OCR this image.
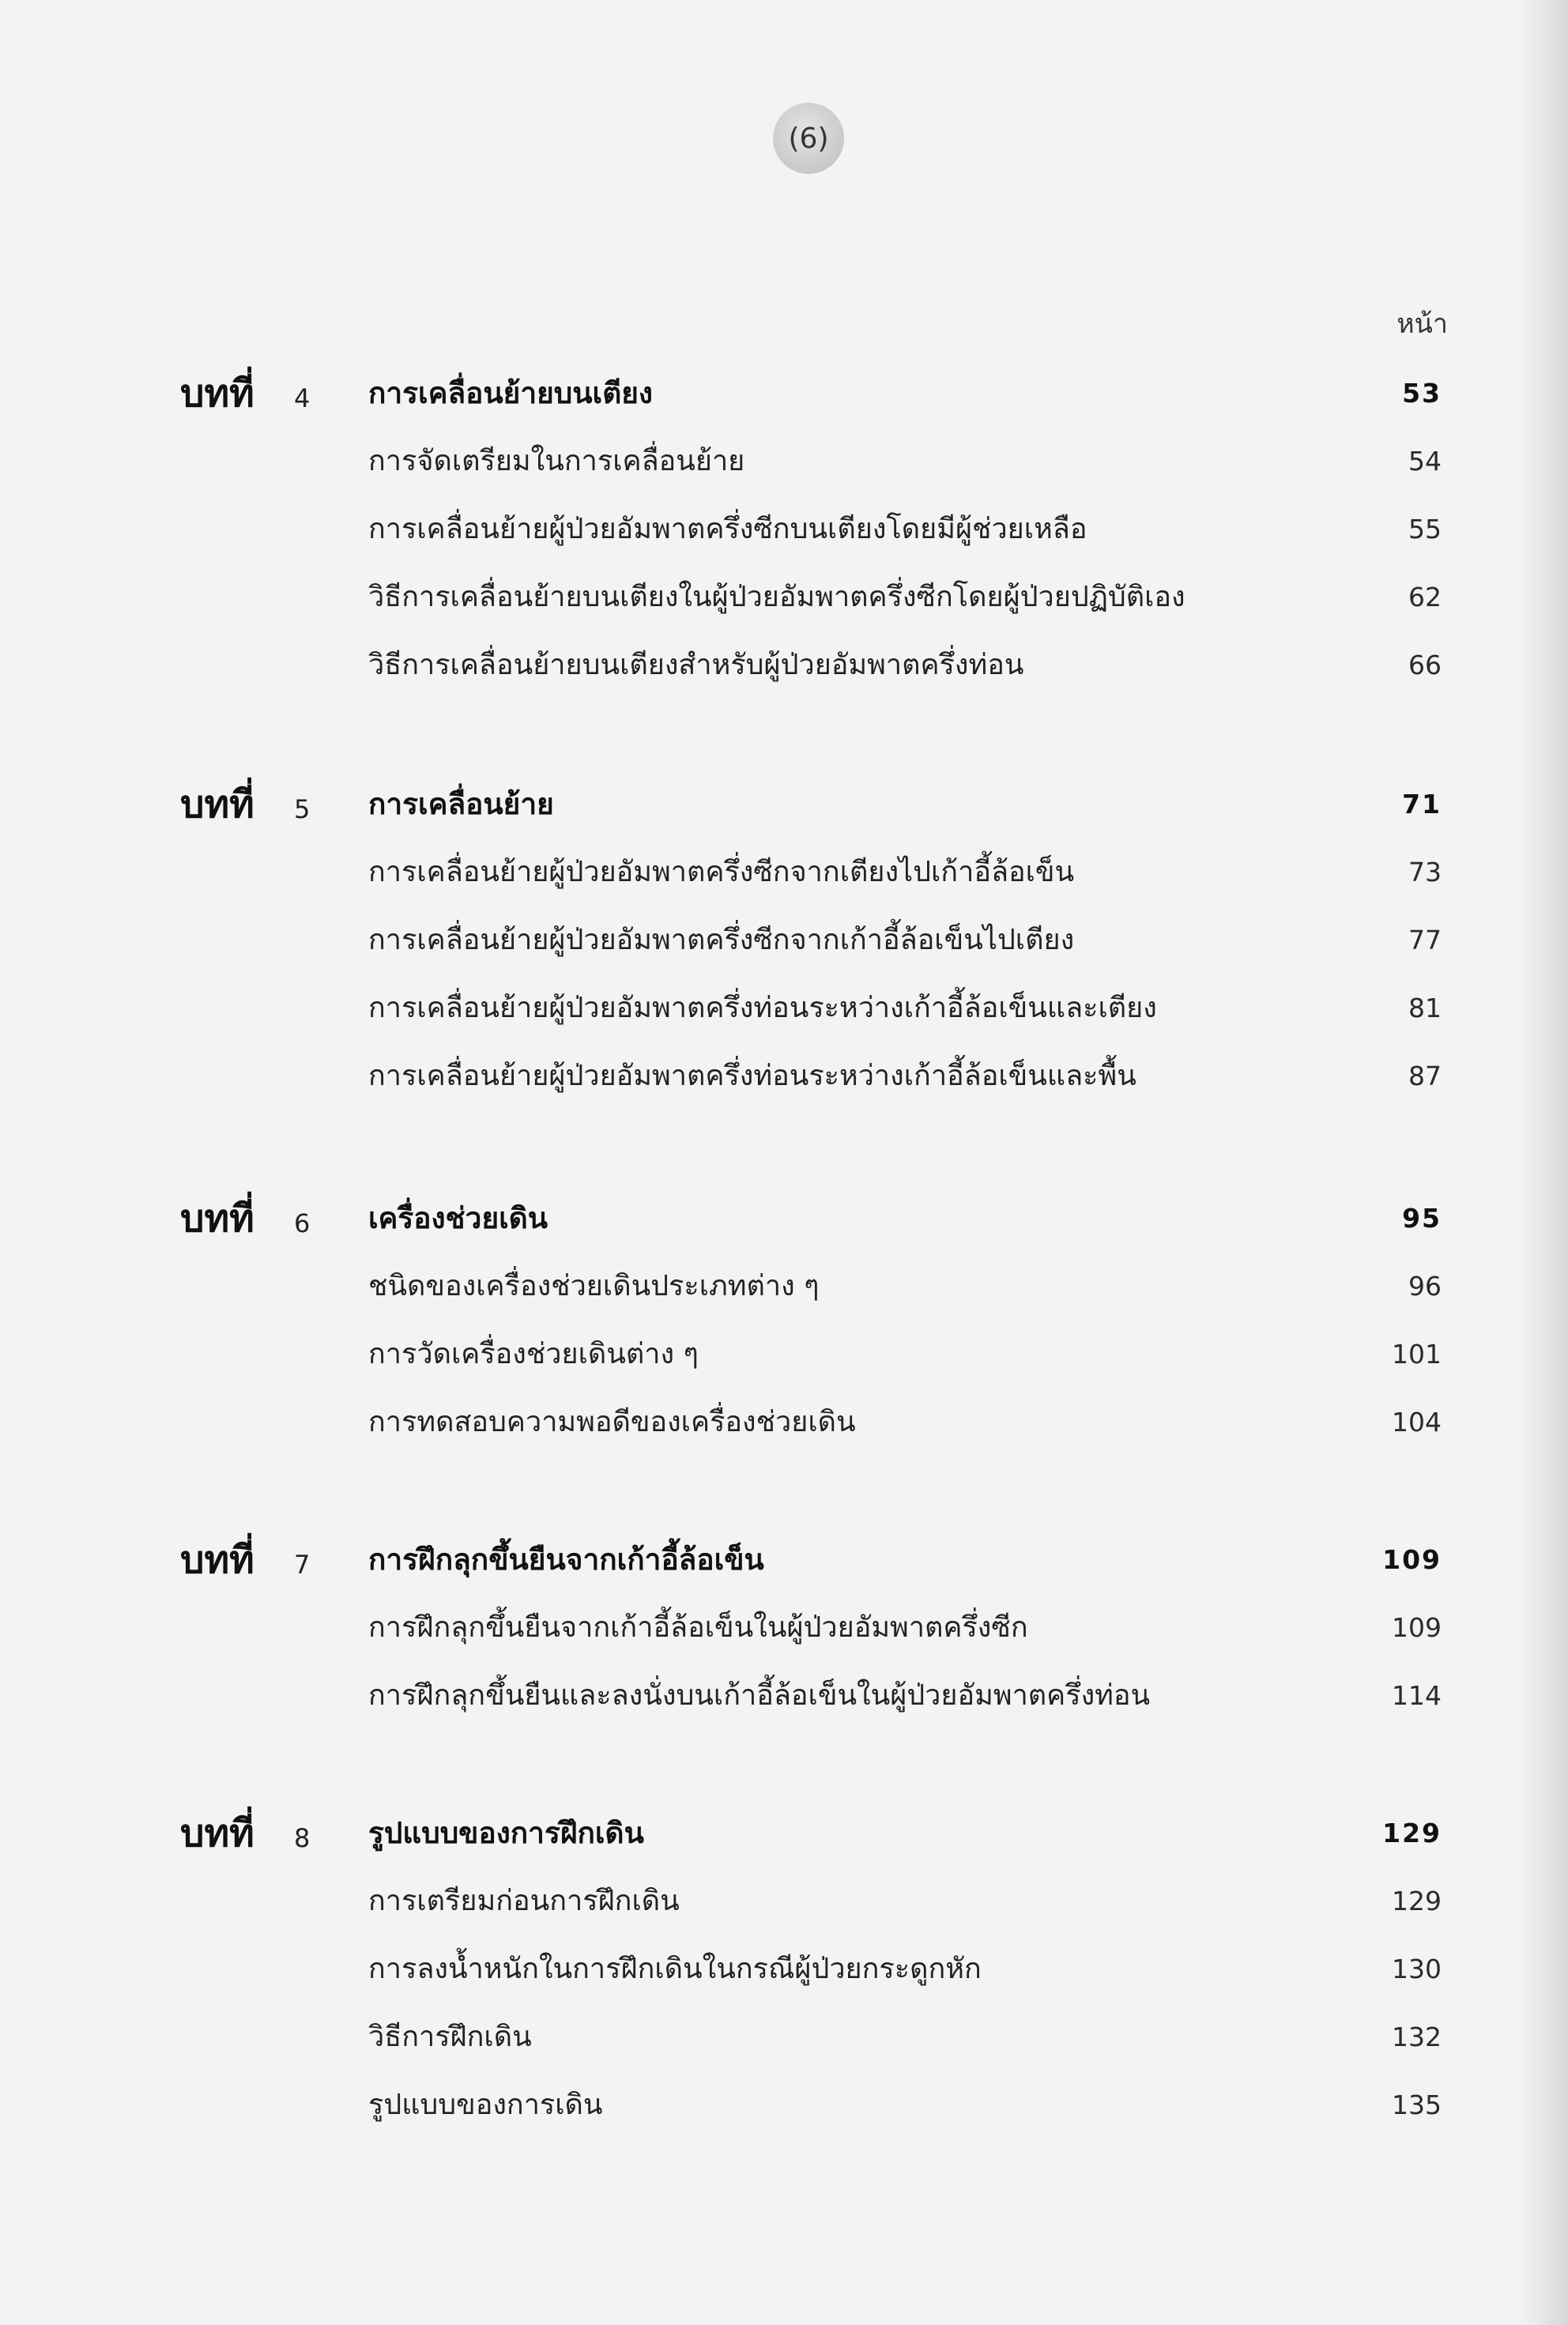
(6)
หน้า
บทที่ 4 การเคลื่อนย้ายบนเตียง	53
การจัดเตรียมในการเคลื่อนย้าย	54
การเคลื่อนย้ายผู้ป่วยอัมพาตครึ่งซีกบนเตียงโดยมีผู้ช่วยเหลือ	55
วิธีการเคลื่อนย้ายบนเตียงในผู้ป่วยอัมพาตครึ่งซีกโดยผู้ป่วยปฏิบัติเอง	62
วิธีการเคลื่อนย้ายบนเตียงสำหรับผู้ป่วยอัมพาตครึ่งท่อน	66
บทที่ 5 การเคลื่อนย้าย	71
การเคลื่อนย้ายผู้ป่วยอัมพาตครึ่งซีกจากเตียงไปเก้าอี้ล้อเข็น	73
การเคลื่อนย้ายผู้ป่วยอัมพาตครึ่งซีกจากเก้าอี้ล้อเข็นไปเตียง	77
การเคลื่อนย้ายผู้ป่วยอัมพาตครึ่งท่อนระหว่างเก้าอี้ล้อเข็นและเตียง	81
การเคลื่อนย้ายผู้ป่วยอัมพาตครึ่งท่อนระหว่างเก้าอี้ล้อเข็นและพื้น	87
บทที่ 6 เครื่องช่วยเดิน	95
ชนิดของเครื่องช่วยเดินประเภทต่าง ๆ	96
การวัดเครื่องช่วยเดินต่าง ๆ	101
การทดสอบความพอดีของเครื่องช่วยเดิน	104
บทที่ 7 การฝึกลุกขึ้นยืนจากเก้าอี้ล้อเข็น	109
การฝึกลุกขึ้นยืนจากเก้าอี้ล้อเข็นในผู้ป่วยอัมพาตครึ่งซีก	109
การฝึกลุกขึ้นยืนและลงนั่งบนเก้าอี้ล้อเข็นในผู้ป่วยอัมพาตครึ่งท่อน	114
บทที่ 8 รูปแบบของการฝึกเดิน	129
การเตรียมก่อนการฝึกเดิน	129
การลงน้ำหนักในการฝึกเดินในกรณีผู้ป่วยกระดูกหัก	130
วิธีการฝึกเดิน	132
รูปแบบของการเดิน	135
